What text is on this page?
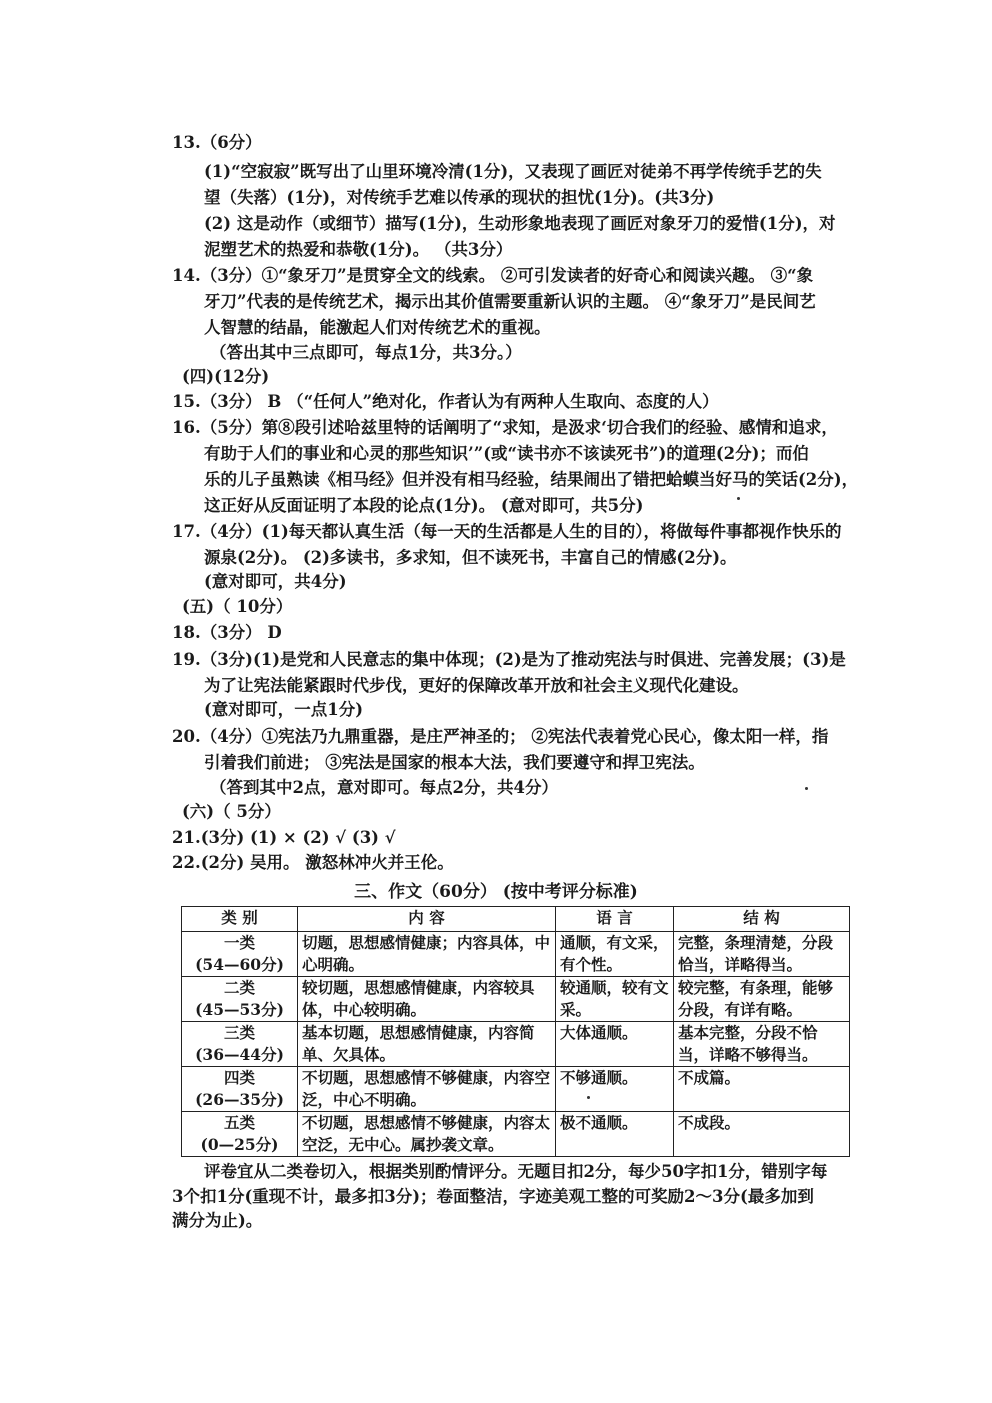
13.（6分）
(1)“空寂寂”既写出了山里环境冷清(1分)，又表现了画匠对徒弟不再学传统手艺的失
望（失落）(1分)，对传统手艺难以传承的现状的担忧(1分)。(共3分)
(2) 这是动作（或细节）描写(1分)，生动形象地表现了画匠对象牙刀的爱惜(1分)，对
泥塑艺术的热爱和恭敬(1分)。 （共3分）
14.（3分）①“象牙刀”是贯穿全文的线索。 ②可引发读者的好奇心和阅读兴趣。 ③“象
牙刀”代表的是传统艺术，揭示出其价值需要重新认识的主题。 ④“象牙刀”是民间艺
人智慧的结晶，能激起人们对传统艺术的重视。
（答出其中三点即可，每点1分，共3分。）
(四)(12分)
15.（3分） B （“任何人”绝对化，作者认为有两种人生取向、态度的人）
16.（5分）第⑧段引述哈兹里特的话阐明了“求知，是汲求‘切合我们的经验、感情和追求，
有助于人们的事业和心灵的那些知识’”(或“读书亦不该读死书”)的道理(2分)；而伯
乐的儿子虽熟读《相马经》但并没有相马经验，结果闹出了错把蛤蟆当好马的笑话(2分)，
这正好从反面证明了本段的论点(1分)。 (意对即可，共5分)
17.（4分）(1)每天都认真生活（每一天的生活都是人生的目的），将做每件事都视作快乐的
源泉(2分)。 (2)多读书，多求知，但不读死书，丰富自己的情感(2分)。
(意对即可，共4分)
(五)（ 10分）
18.（3分） D
19.（3分)(1)是党和人民意志的集中体现；(2)是为了推动宪法与时俱进、完善发展；(3)是
为了让宪法能紧跟时代步伐，更好的保障改革开放和社会主义现代化建设。
(意对即可，一点1分)
20.（4分）①宪法乃九鼎重器，是庄严神圣的； ②宪法代表着党心民心，像太阳一样，指
引着我们前进； ③宪法是国家的根本大法，我们要遵守和捍卫宪法。
（答到其中2点，意对即可。每点2分，共4分）
(六)（ 5分）
21.(3分) (1) × (2) √ (3) √
22.(2分) 吴用。 激怒林冲火并王伦。
三、作文（60分） (按中考评分标准)
类 别	内 容	语 言	结 构

一类
(54—60分)	切题，思想感情健康；内容具体，中心明确。	通顺，有文采，有个性。	完整，条理清楚，分段恰当，详略得当。

二类
(45—53分)	较切题，思想感情健康，内容较具体，中心较明确。	较通顺，较有文采。	较完整，有条理，能够分段，有详有略。

三类
(36—44分)	基本切题，思想感情健康，内容简单、欠具体。	大体通顺。	基本完整，分段不恰当，详略不够得当。

四类
(26—35分)	不切题，思想感情不够健康，内容空泛，中心不明确。	不够通顺。	不成篇。

五类
(0—25分)	不切题，思想感情不够健康，内容太空泛，无中心。属抄袭文章。	极不通顺。	不成段。
评卷宜从二类卷切入，根据类别酌情评分。无题目扣2分，每少50字扣1分，错别字每
3个扣1分(重现不计，最多扣3分)；卷面整洁，字迹美观工整的可奖励2～3分(最多加到
满分为止)。
